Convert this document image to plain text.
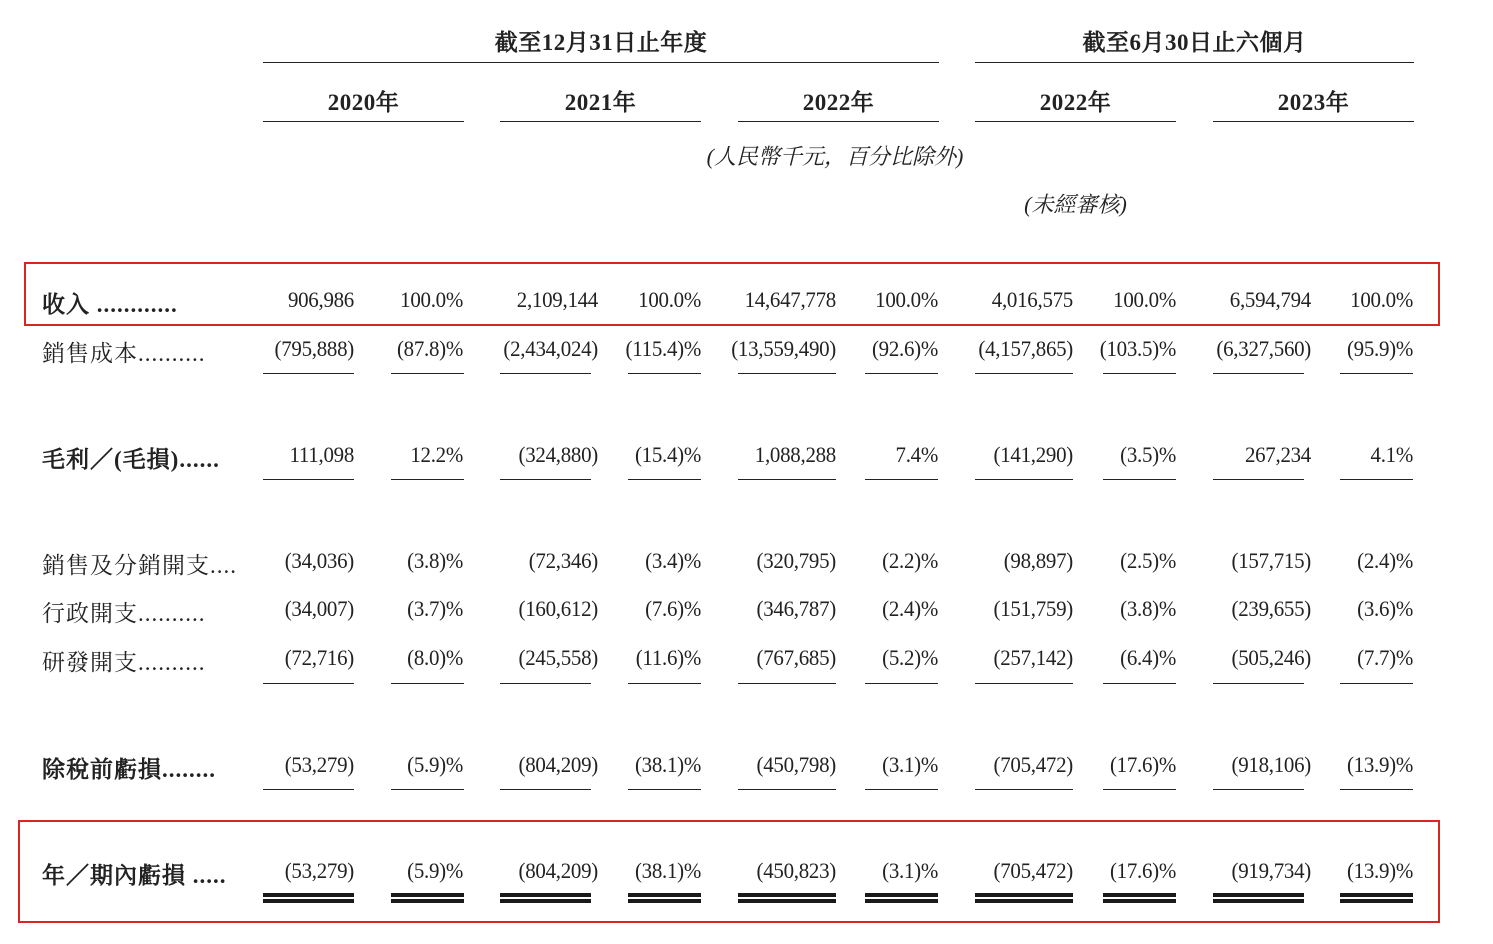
截至12月31日止年度	截至6月30日止六個月
2020年	2021年	2022年	2022年	2023年
(人民幣千元，百分比除外)
(未經審核)
收入 ............	906,986	100.0%	2,109,144	100.0%	14,647,778	100.0%	4,016,575	100.0%	6,594,794	100.0%
銷售成本..........	(795,888)	(87.8)%	(2,434,024)	(115.4)%	(13,559,490)	(92.6)%	(4,157,865)	(103.5)%	(6,327,560)	(95.9)%
毛利／(毛損)......	111,098	12.2%	(324,880)	(15.4)%	1,088,288	7.4%	(141,290)	(3.5)%	267,234	4.1%
銷售及分銷開支....	(34,036)	(3.8)%	(72,346)	(3.4)%	(320,795)	(2.2)%	(98,897)	(2.5)%	(157,715)	(2.4)%
行政開支..........	(34,007)	(3.7)%	(160,612)	(7.6)%	(346,787)	(2.4)%	(151,759)	(3.8)%	(239,655)	(3.6)%
研發開支..........	(72,716)	(8.0)%	(245,558)	(11.6)%	(767,685)	(5.2)%	(257,142)	(6.4)%	(505,246)	(7.7)%
除稅前虧損........	(53,279)	(5.9)%	(804,209)	(38.1)%	(450,798)	(3.1)%	(705,472)	(17.6)%	(918,106)	(13.9)%
年／期內虧損 .....	(53,279)	(5.9)%	(804,209)	(38.1)%	(450,823)	(3.1)%	(705,472)	(17.6)%	(919,734)	(13.9)%
